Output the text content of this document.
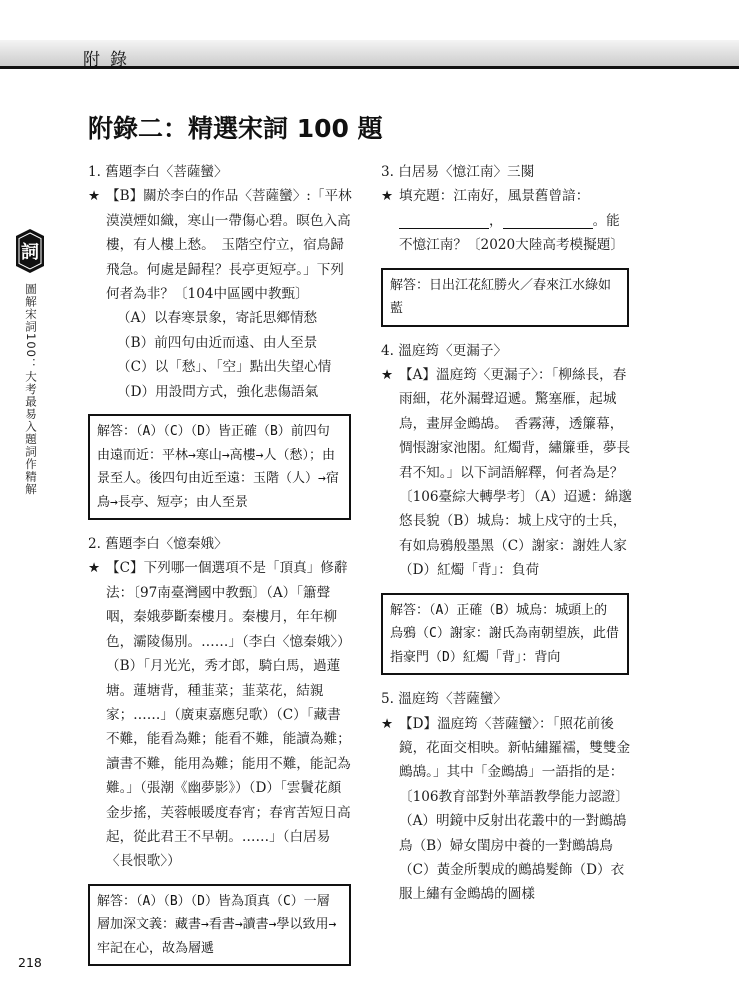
附錄
詞
圖解宋詞100：大考最易入題詞作精解
附錄二：精選宋詞 100 題

1. 舊題李白〈菩薩蠻〉

★ 【B】關於李白的作品〈菩薩蠻〉:「平林漠漠煙如織，寒山一帶傷心碧。暝色入高樓，有人樓上愁。　玉階空佇立，宿鳥歸飛急。何處是歸程？長亭更短亭。」下列何者為非？〔104中區國中教甄〕

（A）以春寒景象，寄託思鄉情愁

（B）前四句由近而遠、由人至景

（C）以「愁」、「空」點出失望心情

（D）用設問方式，強化悲傷語氣

解答：（A）（C）（D）皆正確（B）前四句由遠而近：平林→寒山→高樓→人（愁）；由景至人。後四句由近至遠：玉階（人）→宿鳥→長亭、短亭；由人至景

2. 舊題李白〈憶秦娥〉

★ 【C】下列哪一個選項不是「頂真」修辭法：〔97南臺灣國中教甄〕（A）「簫聲咽，秦娥夢斷秦樓月。秦樓月，年年柳色，灞陵傷別。……」（李白〈憶秦娥〉）（B）「月光光，秀才郎，騎白馬，過蓮塘。蓮塘背，種韮菜；韮菜花，結親家；……」（廣東嘉應兒歌）（C）「藏書不難，能看為難；能看不難，能讀為難；讀書不難，能用為難；能用不難，能記為難。」（張潮《幽夢影》）（D）「雲鬢花顏金步搖，芙蓉帳暖度春宵；春宵苦短日高起，從此君王不早朝。……」（白居易〈長恨歌〉）
解答：（A）（B）（D）皆為頂真（C）一層層加深文義：藏書→看書→讀書→學以致用→牢記在心，故為層遞

3. 白居易〈憶江南〉三闋

★ 填充題：江南好，風景舊曾諳：
，	。能
不憶江南？〔2020大陸高考模擬題〕
解答：日出江花紅勝火／春來江水綠如藍

4. 溫庭筠〈更漏子〉

★ 【A】溫庭筠〈更漏子〉：「柳絲長，春雨細，花外漏聲迢遞。驚塞雁，起城烏，畫屏金鷓鴣。　香霧薄，透簾幕，惆悵謝家池閣。紅燭背，繡簾垂，夢長君不知。」以下詞語解釋，何者為是？〔106臺綜大轉學考〕（A）迢遞：綿邈悠長貌（B）城烏：城上戍守的士兵，有如烏鴉般墨黑（C）謝家：謝姓人家（D）紅燭「背」：負荷
解答：（A）正確（B）城烏：城頭上的烏鴉（C）謝家：謝氏為南朝望族，此借指豪門（D）紅燭「背」：背向

5. 溫庭筠〈菩薩蠻〉

★ 【D】溫庭筠〈菩薩蠻〉：「照花前後鏡，花面交相映。新帖繡羅襦，雙雙金鷓鴣。」其中「金鷓鴣」一語指的是：〔106教育部對外華語教學能力認證〕（A）明鏡中反射出花叢中的一對鷓鴣鳥（B）婦女閨房中養的一對鷓鴣鳥（C）黃金所製成的鷓鴣髮飾（D）衣服上繡有金鷓鴣的圖樣
218
